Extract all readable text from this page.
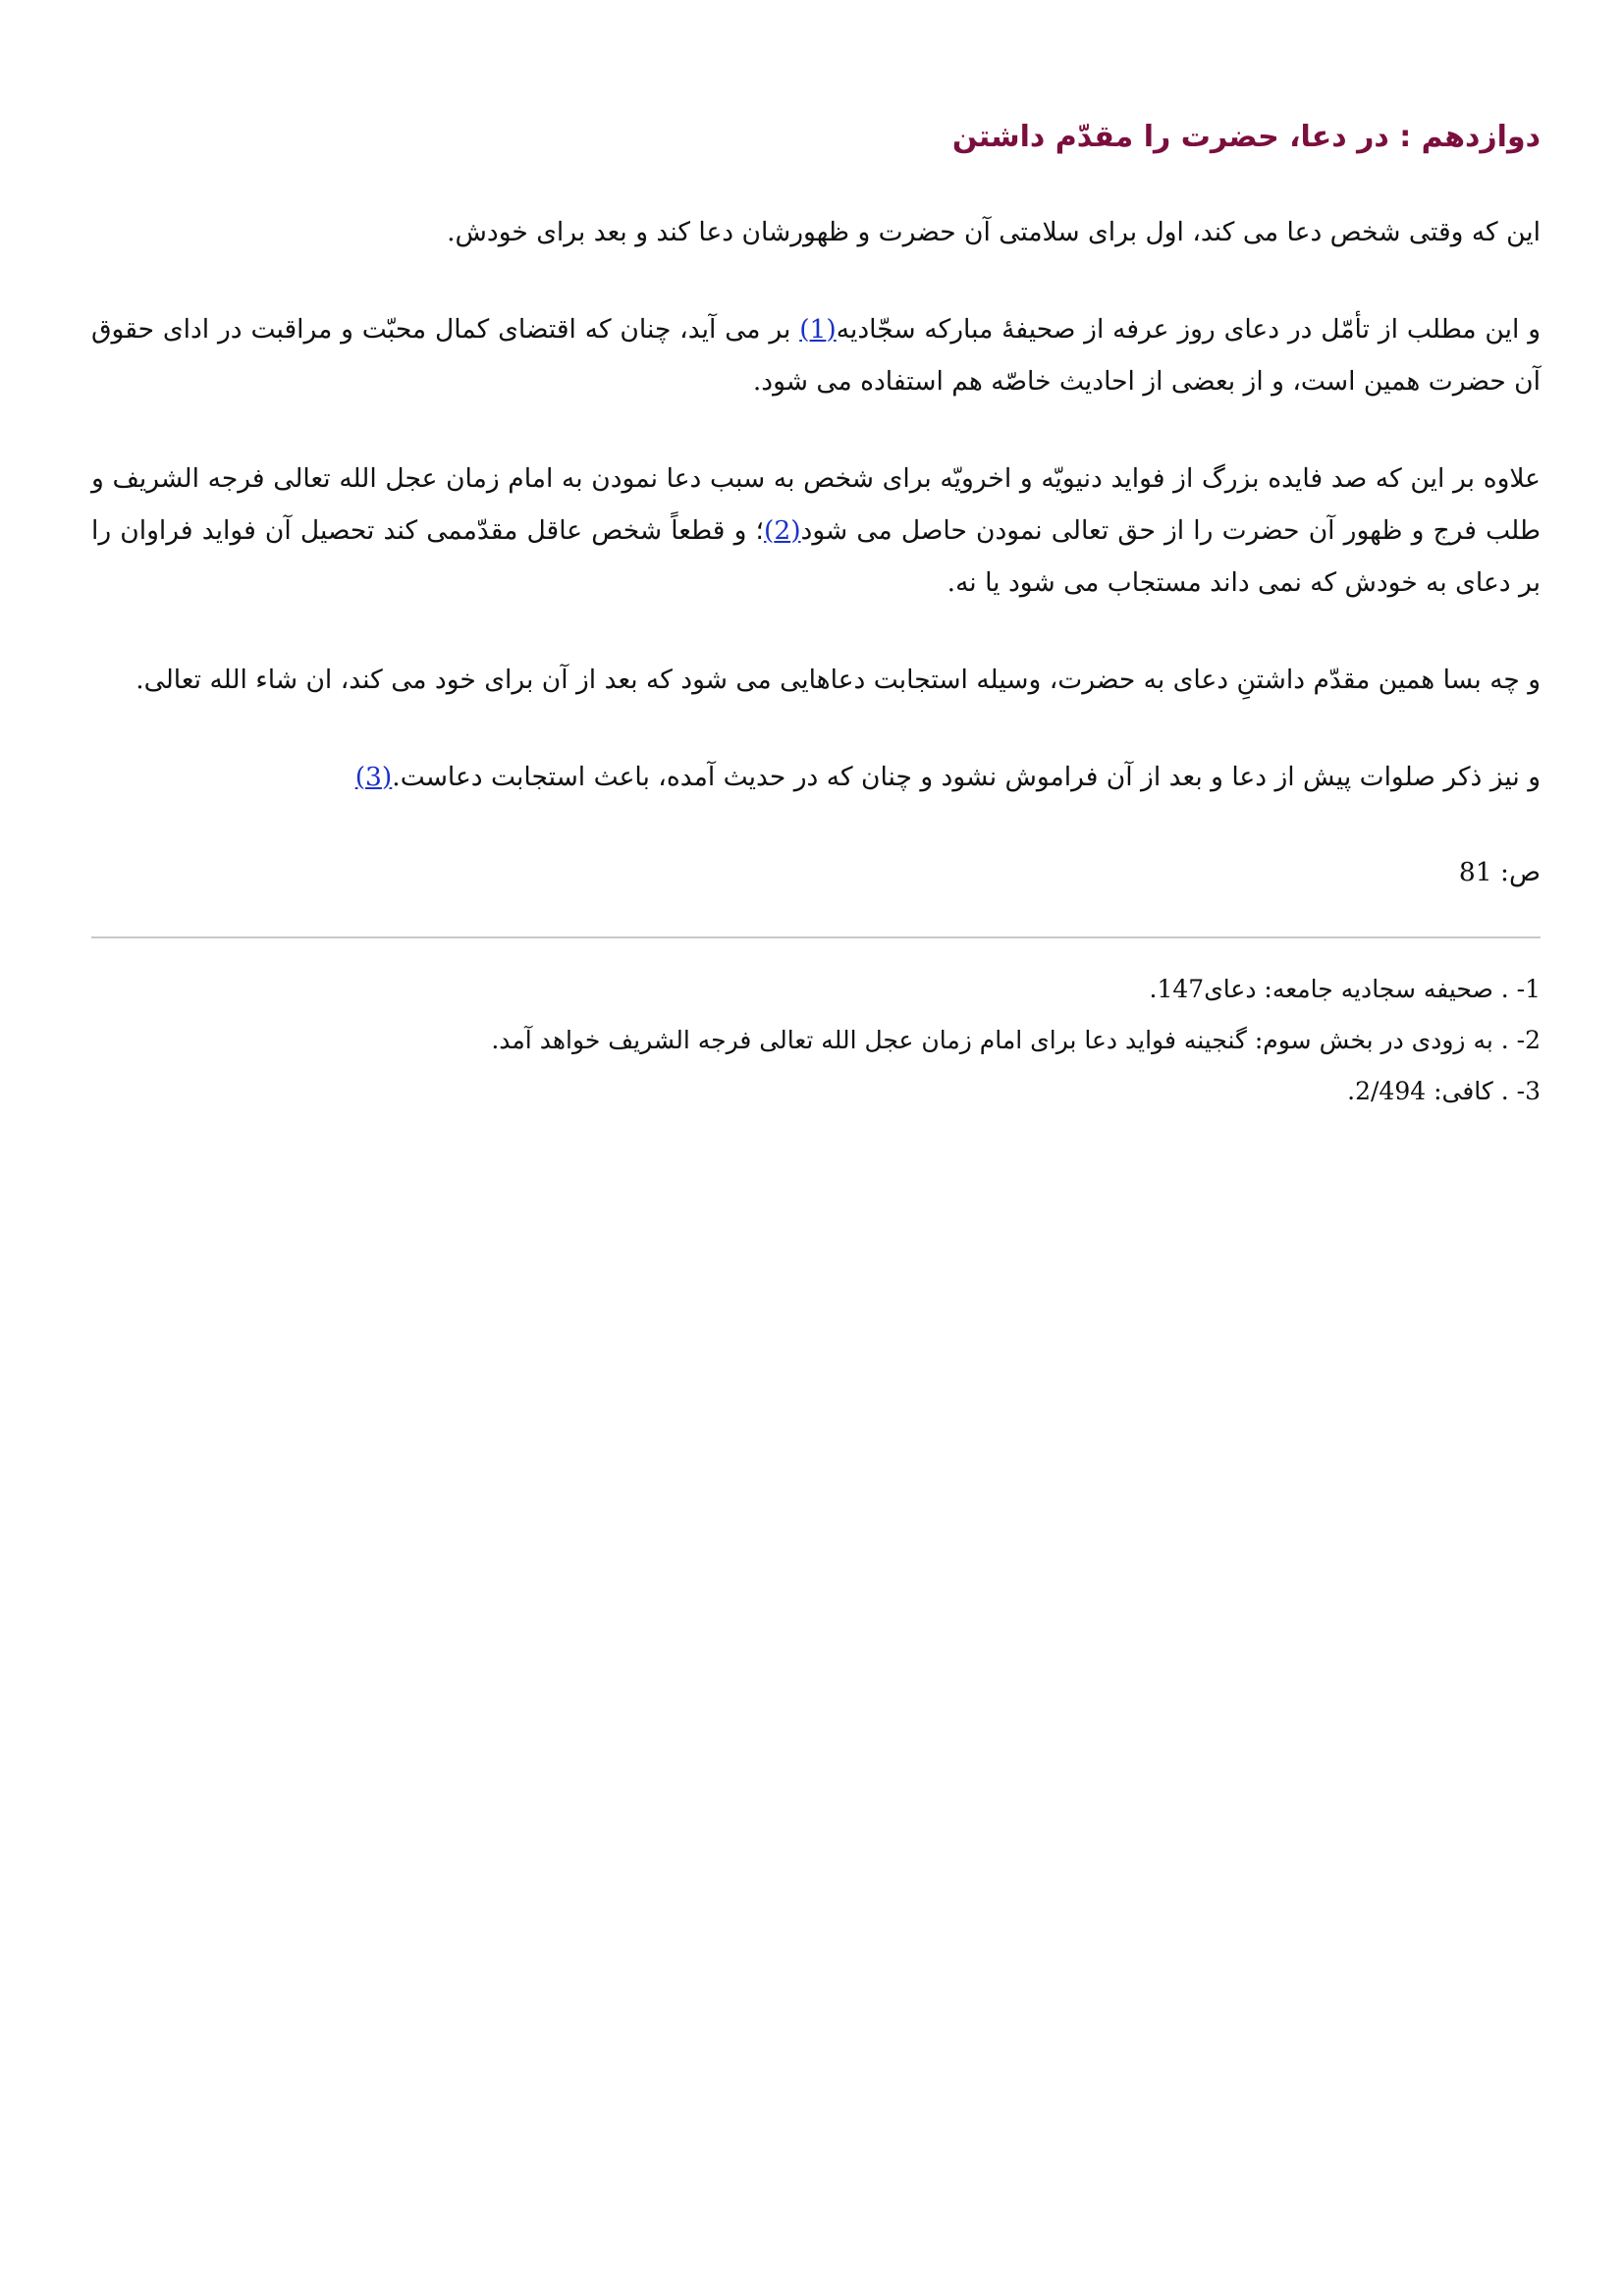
دوازدهم : در دعا، حضرت را مقدّم داشتن

این که وقتی شخص دعا می کند، اول برای سلامتی آن حضرت و ظهورشان دعا کند و بعد برای خودش.

و این مطلب از تأمّل در دعای روز عرفه از صحیفهٔ مبارکه سجّادیه(1) بر می آید، چنان که اقتضای کمال محبّت و مراقبت در ادای حقوق آن حضرت همین است، و از بعضی از احادیث خاصّه هم استفاده می شود.

علاوه بر این که صد فایده بزرگ از فواید دنیویّه و اخرویّه برای شخص به سبب دعا نمودن به امام زمان عجل الله تعالی فرجه الشریف و طلب فرج و ظهور آن حضرت را از حق تعالی نمودن حاصل می شود(2)؛ و قطعاً شخص عاقل مقدّممی کند تحصیل آن فواید فراوان را بر دعای به خودش که نمی داند مستجاب می شود یا نه.

و چه بسا همین مقدّم داشتنِ دعای به حضرت، وسیله استجابت دعاهایی می شود که بعد از آن برای خود می کند، ان شاء الله تعالی.

و نیز ذکر صلوات پیش از دعا و بعد از آن فراموش نشود و چنان که در حدیث آمده، باعث استجابت دعاست.(3)

ص: 81

1- . صحیفه سجادیه جامعه: دعای147.

2- . به زودی در بخش سوم: گنجینه فواید دعا برای امام زمان عجل الله تعالی فرجه الشریف خواهد آمد.

3- . کافی: 2/494.
